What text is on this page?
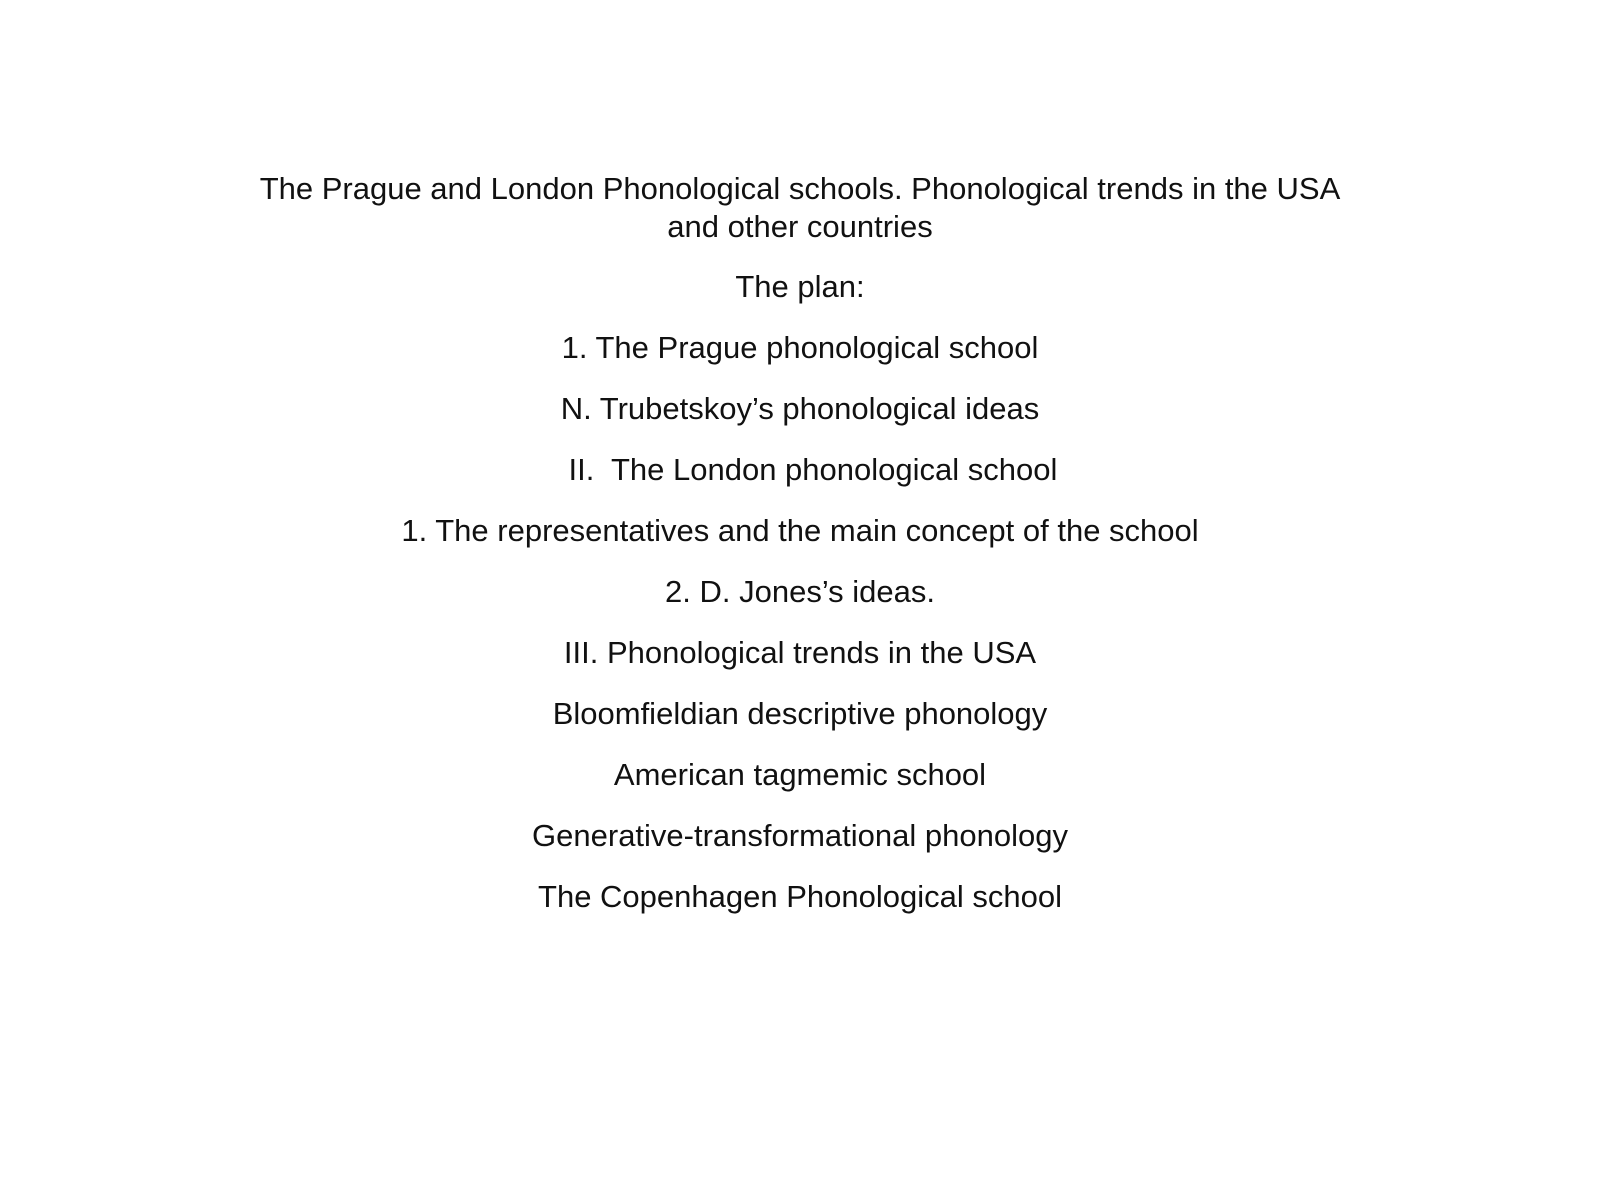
The Prague and London Phonological schools. Phonological trends in the USA
and other countries

The plan:

1. The Prague phonological school
N. Trubetskoy’s phonological ideas
II.  The London phonological school
1. The representatives and the main concept of the school
2. D. Jones’s ideas.
III. Phonological trends in the USA
Bloomfieldian descriptive phonology
American tagmemic school
Generative-transformational phonology
The Copenhagen Phonological school
